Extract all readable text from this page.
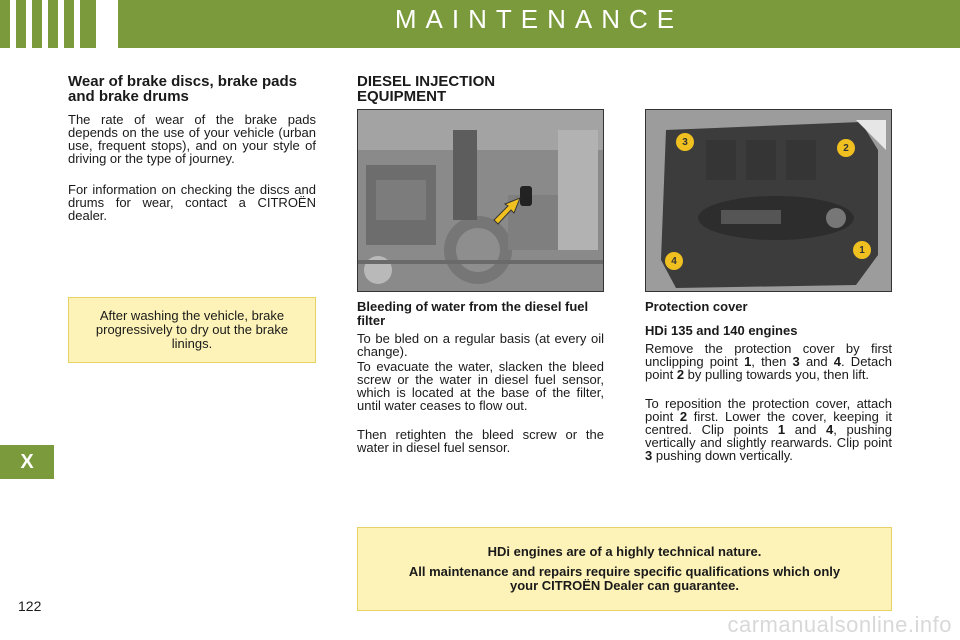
MAINTENANCE
Wear of brake discs, brake pads and brake drums
The rate of wear of the brake pads depends on the use of your vehicle (urban use, frequent stops), and on your style of driving or the type of journey.
For information on checking the discs and drums for wear, contact a CITROËN dealer.
After washing the vehicle, brake progressively to dry out the brake linings.
DIESEL INJECTION EQUIPMENT
3
2
1
4
Bleeding of water from the diesel fuel filter
To be bled on a regular basis (at every oil change).
To evacuate the water, slacken the bleed screw or the water in diesel fuel sensor, which is located at the base of the filter, until water ceases to flow out.
Then retighten the bleed screw or the water in diesel fuel sensor.
Protection cover
HDi 135 and 140 engines
Remove the protection cover by first unclipping point 1, then 3 and 4. Detach point 2 by pulling towards you, then lift.
To reposition the protection cover, attach point 2 first. Lower the cover, keeping it centred. Clip points 1 and 4, pushing vertically and slightly rearwards. Clip point 3 pushing down vertically.
HDi engines are of a highly technical nature.
All maintenance and repairs require specific qualifications which only your CITROËN Dealer can guarantee.
X
122
carmanualsonline.info
